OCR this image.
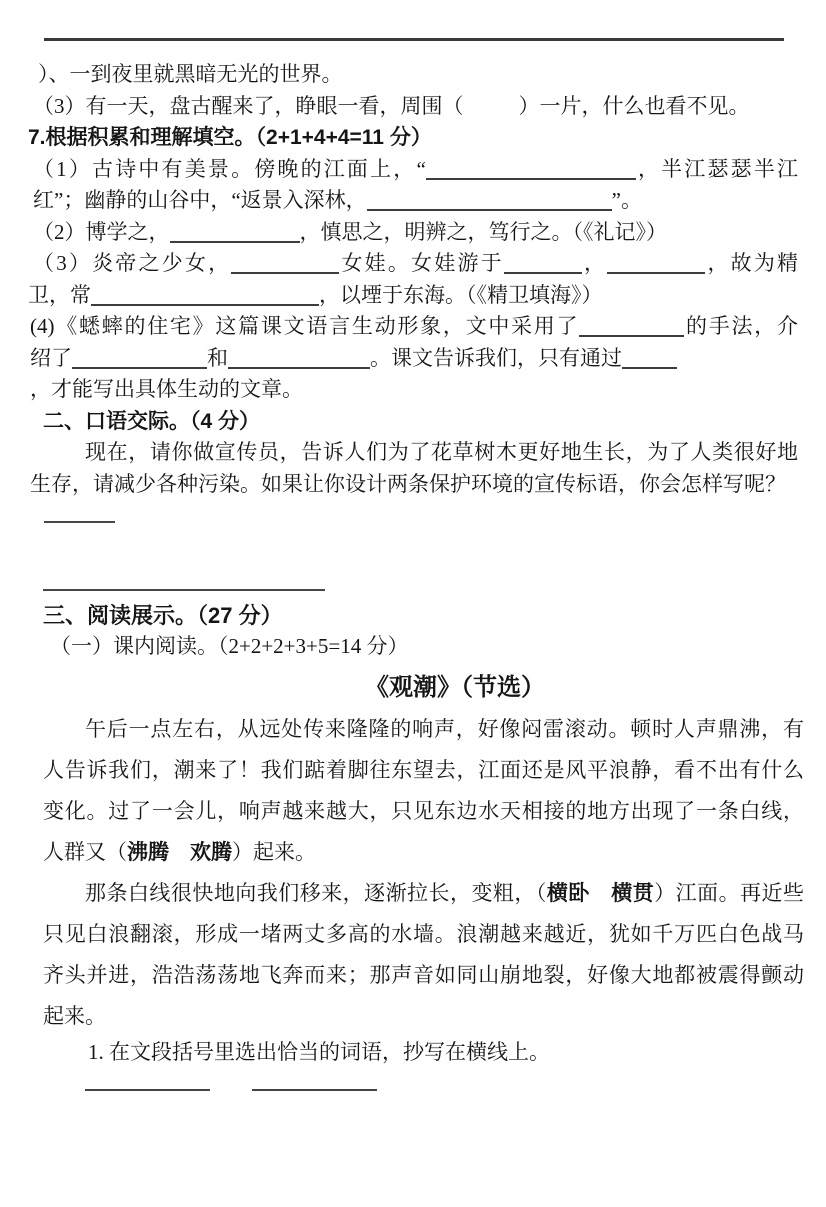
）、一到夜里就黑暗无光的世界。
（3）有一天，盘古醒来了，睁眼一看，周围（	）一片，什么也看不见。
7.根据积累和理解填空。（2+1+4+4=11 分）
（1）古诗中有美景。傍晚的江面上，“	，半江瑟瑟半江
红”；幽静的山谷中，“返景入深林，	”。
（2）博学之，	，慎思之，明辨之，笃行之。（《礼记》）
（3）炎帝之少女，	女娃。女娃游于	，	，故为精
卫，常	，以堙于东海。（《精卫填海》）
(4)《蟋蟀的住宅》这篇课文语言生动形象，文中采用了	的手法，介
绍了	和	。课文告诉我们，只有通过
，才能写出具体生动的文章。
二、口语交际。（4 分）
现在，请你做宣传员，告诉人们为了花草树木更好地生长，为了人类很好地
生存，请减少各种污染。如果让你设计两条保护环境的宣传标语，你会怎样写呢？
三、阅读展示。（27 分）
（一）课内阅读。（2+2+2+3+5=14 分）
《观潮》（节选）
午后一点左右，从远处传来隆隆的响声，好像闷雷滚动。顿时人声鼎沸，有
人告诉我们，潮来了！我们踮着脚往东望去，江面还是风平浪静，看不出有什么
变化。过了一会儿，响声越来越大，只见东边水天相接的地方出现了一条白线，
人群又（沸腾　欢腾）起来。
那条白线很快地向我们移来，逐渐拉长，变粗，（横卧　横贯）江面。再近些
只见白浪翻滚，形成一堵两丈多高的水墙。浪潮越来越近，犹如千万匹白色战马
齐头并进，浩浩荡荡地飞奔而来；那声音如同山崩地裂，好像大地都被震得颤动
起来。
1. 在文段括号里选出恰当的词语，抄写在横线上。
